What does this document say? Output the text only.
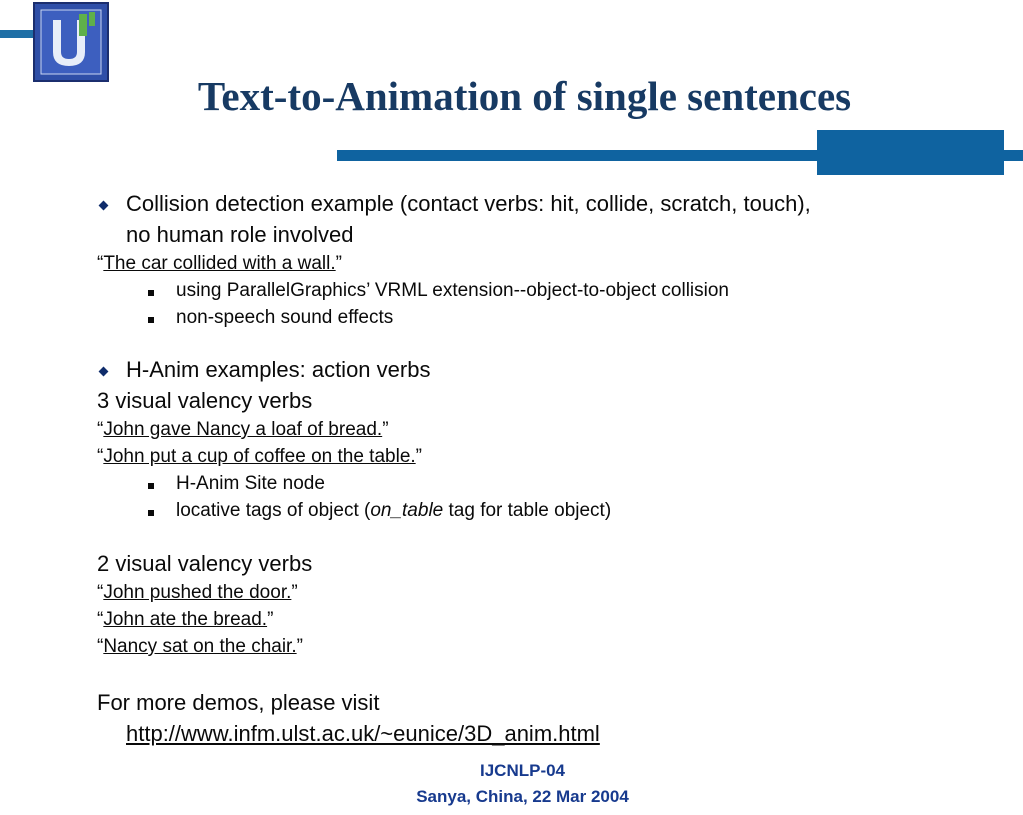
Text-to-Animation of single sentences
Collision detection example (contact verbs: hit, collide, scratch, touch),
no human role involved
“The car collided with a wall.”
using ParallelGraphics’ VRML extension--object-to-object collision
non-speech sound effects
H-Anim examples: action verbs
3 visual valency verbs
“John gave Nancy a loaf of bread.”
“John put a cup of coffee on the table.”
H-Anim Site node
locative tags of object (on_table tag for table object)
2 visual valency verbs
“John pushed the door.”
“John ate the bread.”
“Nancy sat on the chair.”
For more demos, please visit
http://www.infm.ulst.ac.uk/~eunice/3D_anim.html
IJCNLP-04
Sanya, China, 22 Mar 2004
